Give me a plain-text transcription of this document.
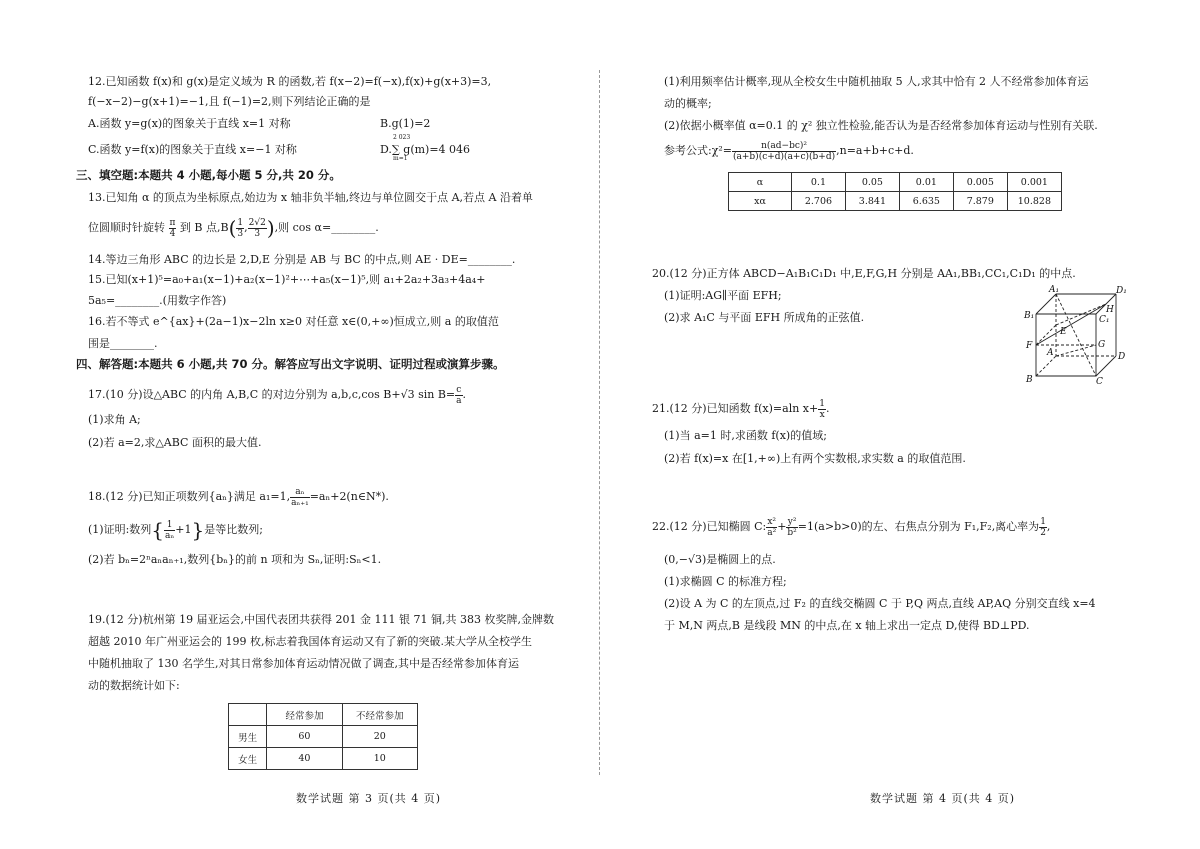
12.已知函数 f(x)和 g(x)是定义域为 R 的函数,若 f(x−2)=f(−x),f(x)+g(x+3)=3,
f(−x−2)−g(x+1)=−1,且 f(−1)=2,则下列结论正确的是
A.函数 y=g(x)的图象关于直线 x=1 对称	B.g(1)=2
C.函数 y=f(x)的图象关于直线 x=−1 对称	D.∑ g(m)=4 046
2 023
m=1
三、填空题:本题共 4 小题,每小题 5 分,共 20 分。
13.已知角 α 的顶点为坐标原点,始边为 x 轴非负半轴,终边与单位圆交于点 A,若点 A 沿着单
位圆顺时针旋转 $\frac{\pi}{4}$ 到 B 点$,B( \frac{1}{3}$ , $\frac{2√2}{3}$ ),则 cos α=________.
14.等边三角形 ABC 的边长是 2,D,E 分别是 AB 与 BC 的中点,则 AE · DE=________.
15.已知(x+1)⁵=a₀+a₁(x−1)+a₂(x−1)²+⋯+a₅(x−1)⁵,则 a₁+2a₂+3a₃+4a₄+
5a₅=________.(用数字作答)
16.若不等式 e^{ax}+(2a−1)x−2ln x≥0 对任意 x∈(0,+∞)恒成立,则 a 的取值范
围是________.
四、解答题:本题共 6 小题,共 70 分。解答应写出文字说明、证明过程或演算步骤。
17.(10 分)设△ABC 的内角 A,B,C 的对边分别为 a,b,c,cos B+√3 $\sin B= \frac{c}{a}$ .
(1)求角 A;
(2)若 a=2,求△ABC 面积的最大值.
18.(12 分)已知正项数列{aₙ}满足 a₁=1, $\frac{\text{aₙ}}{\text{aₙ₊₁}}$ =aₙ+2(n∈N*).
(1)证明:数列{ $\frac{1}{\text{aₙ}} +1$}是等比数列;
(2)若 bₙ=2ⁿaₙaₙ₊₁,数列{bₙ}的前 n 项和为 Sₙ,证明:Sₙ<1.
19.(12 分)杭州第 19 届亚运会,中国代表团共获得 201 金 111 银 71 铜,共 383 枚奖牌,金牌数
超越 2010 年广州亚运会的 199 枚,标志着我国体育运动又有了新的突破.某大学从全校学生
中随机抽取了 130 名学生,对其日常参加体育运动情况做了调查,其中是否经常参加体育运
动的数据统计如下:
	经常参加	不经常参加
男生	60	20
女生	40	10
数学试题 第 3 页(共 4 页)
(1)利用频率估计概率,现从全校女生中随机抽取 5 人,求其中恰有 2 人不经常参加体育运
动的概率;
(2)依据小概率值 α=0.1 的 χ² 独立性检验,能否认为是否经常参加体育运动与性别有关联.
参考公式:χ²= $\frac{\text{n(ad−bc)²}}{(a+b)(c+d)(a+c)(b+d)} ,n=a+b+c+d$.
α	0.1	0.05	0.01	0.005	0.001
xα	2.706	3.841	6.635	7.879	10.828
20.(12 分)正方体 ABCD−A₁B₁C₁D₁ 中,E,F,G,H 分别是 AA₁,BB₁,CC₁,C₁D₁ 的中点.
(1)证明:AG∥平面 EFH;
(2)求 A₁C 与平面 EFH 所成角的正弦值.
A₁	D₁
B₁	C₁
H
E
F
A
G
D
B	C
21.(12 分)已知函数 f(x)=aln $x+ \frac{1}{x}$ .
(1)当 a=1 时,求函数 f(x)的值域;
(2)若 f(x)=x 在[1,+∞)上有两个实数根,求实数 a 的取值范围.
22.(12 分)已知椭圆 C: $\frac{\text{x²}}{\text{a²}} + \frac{\text{y²}}{\text{b²}} =1(a>b>0)$的左、右焦点分别为 F₁,F₂,离心率为 $\frac{1}{2}$ ,
(0,−√3)是椭圆上的点.
(1)求椭圆 C 的标准方程;
(2)设 A 为 C 的左顶点,过 F₂ 的直线交椭圆 C 于 P,Q 两点,直线 AP,AQ 分别交直线 x=4
于 M,N 两点,B 是线段 MN 的中点,在 x 轴上求出一定点 D,使得 BD⊥PD.
数学试题 第 4 页(共 4 页)
